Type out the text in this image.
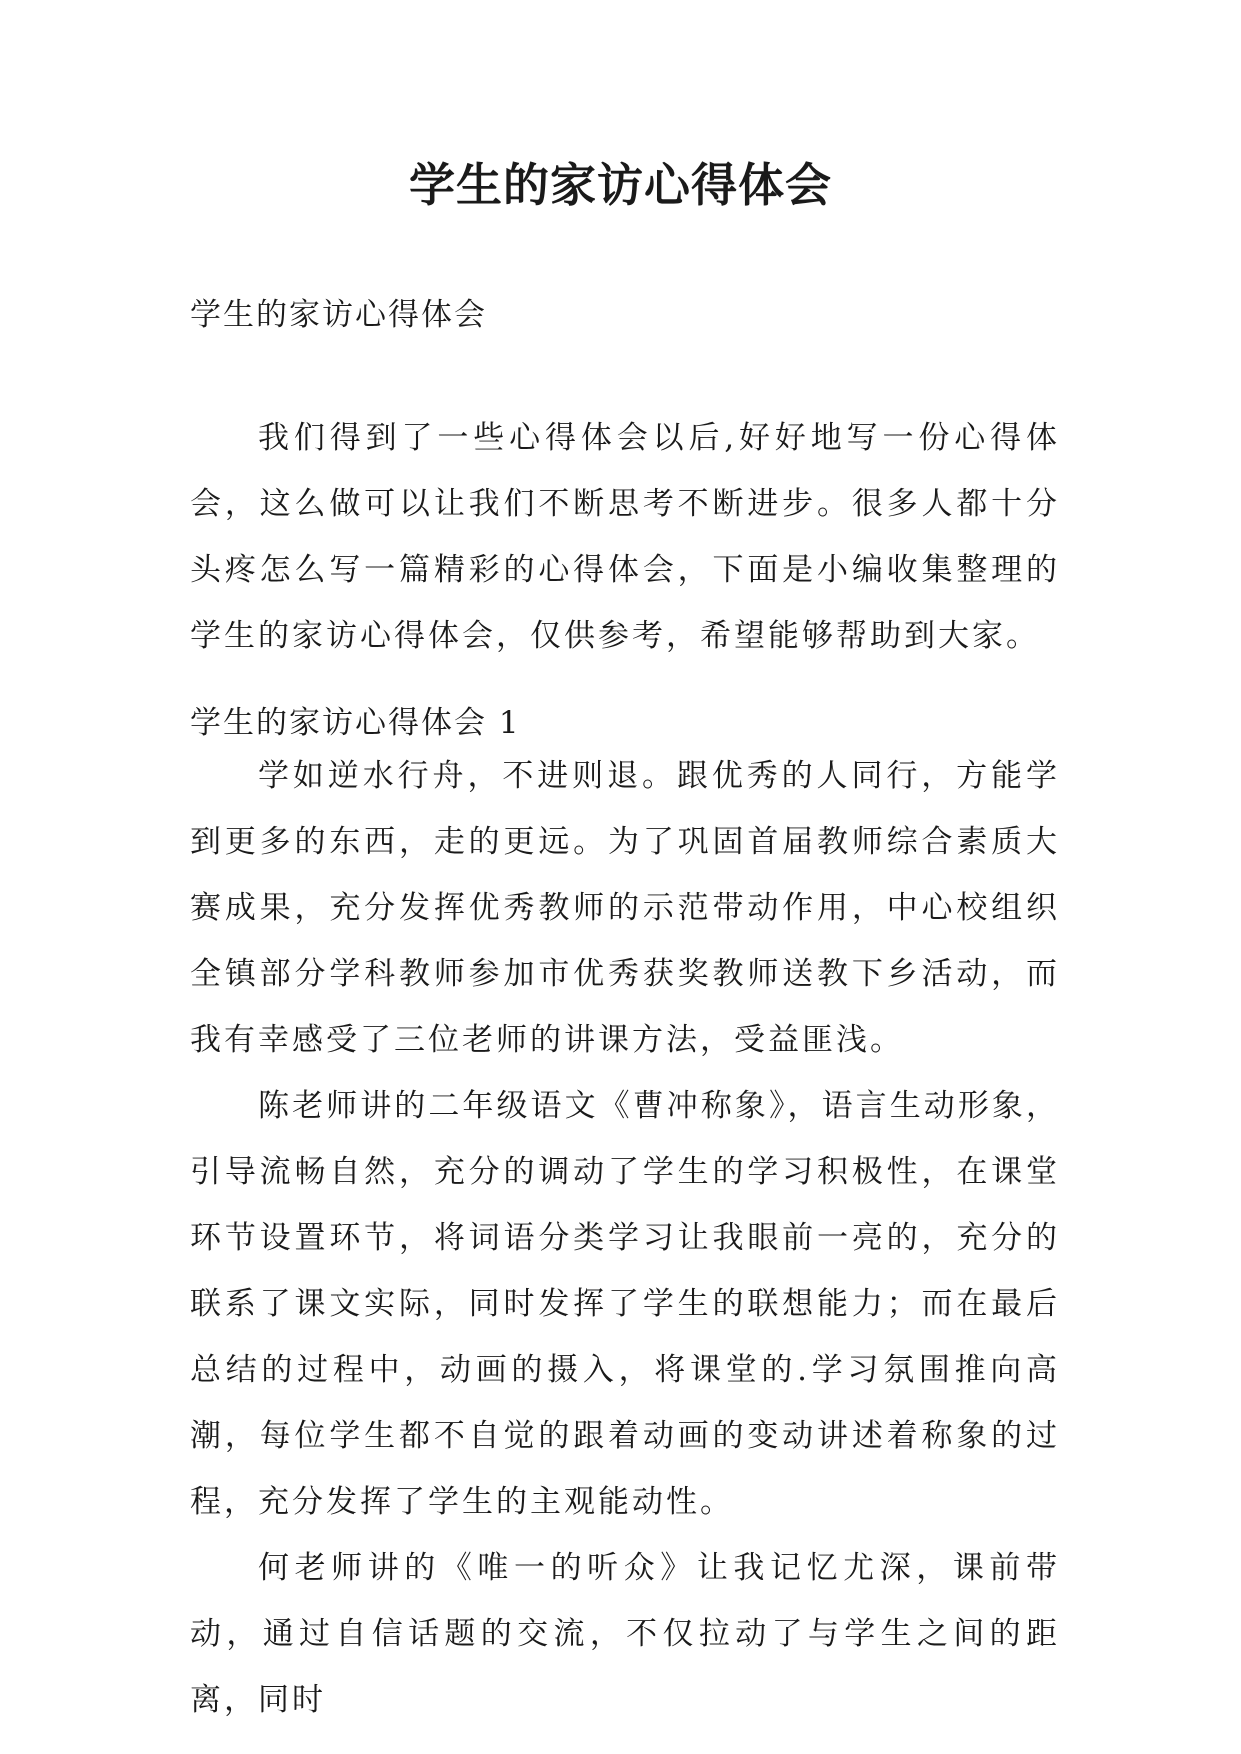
学生的家访心得体会
学生的家访心得体会

我们得到了一些心得体会以后,好好地写一份心得体会，这么做可以让我们不断思考不断进步。很多人都十分头疼怎么写一篇精彩的心得体会，下面是小编收集整理的学生的家访心得体会，仅供参考，希望能够帮助到大家。

学生的家访心得体会 1

学如逆水行舟，不进则退。跟优秀的人同行，方能学到更多的东西，走的更远。为了巩固首届教师综合素质大赛成果，充分发挥优秀教师的示范带动作用，中心校组织全镇部分学科教师参加市优秀获奖教师送教下乡活动，而我有幸感受了三位老师的讲课方法，受益匪浅。

陈老师讲的二年级语文《曹冲称象》，语言生动形象，引导流畅自然，充分的调动了学生的学习积极性，在课堂环节设置环节，将词语分类学习让我眼前一亮的，充分的联系了课文实际，同时发挥了学生的联想能力；而在最后总结的过程中，动画的摄入，将课堂的.学习氛围推向高潮，每位学生都不自觉的跟着动画的变动讲述着称象的过程，充分发挥了学生的主观能动性。

何老师讲的《唯一的听众》让我记忆尤深，课前带动，通过自信话题的交流，不仅拉动了与学生之间的距离，同时
